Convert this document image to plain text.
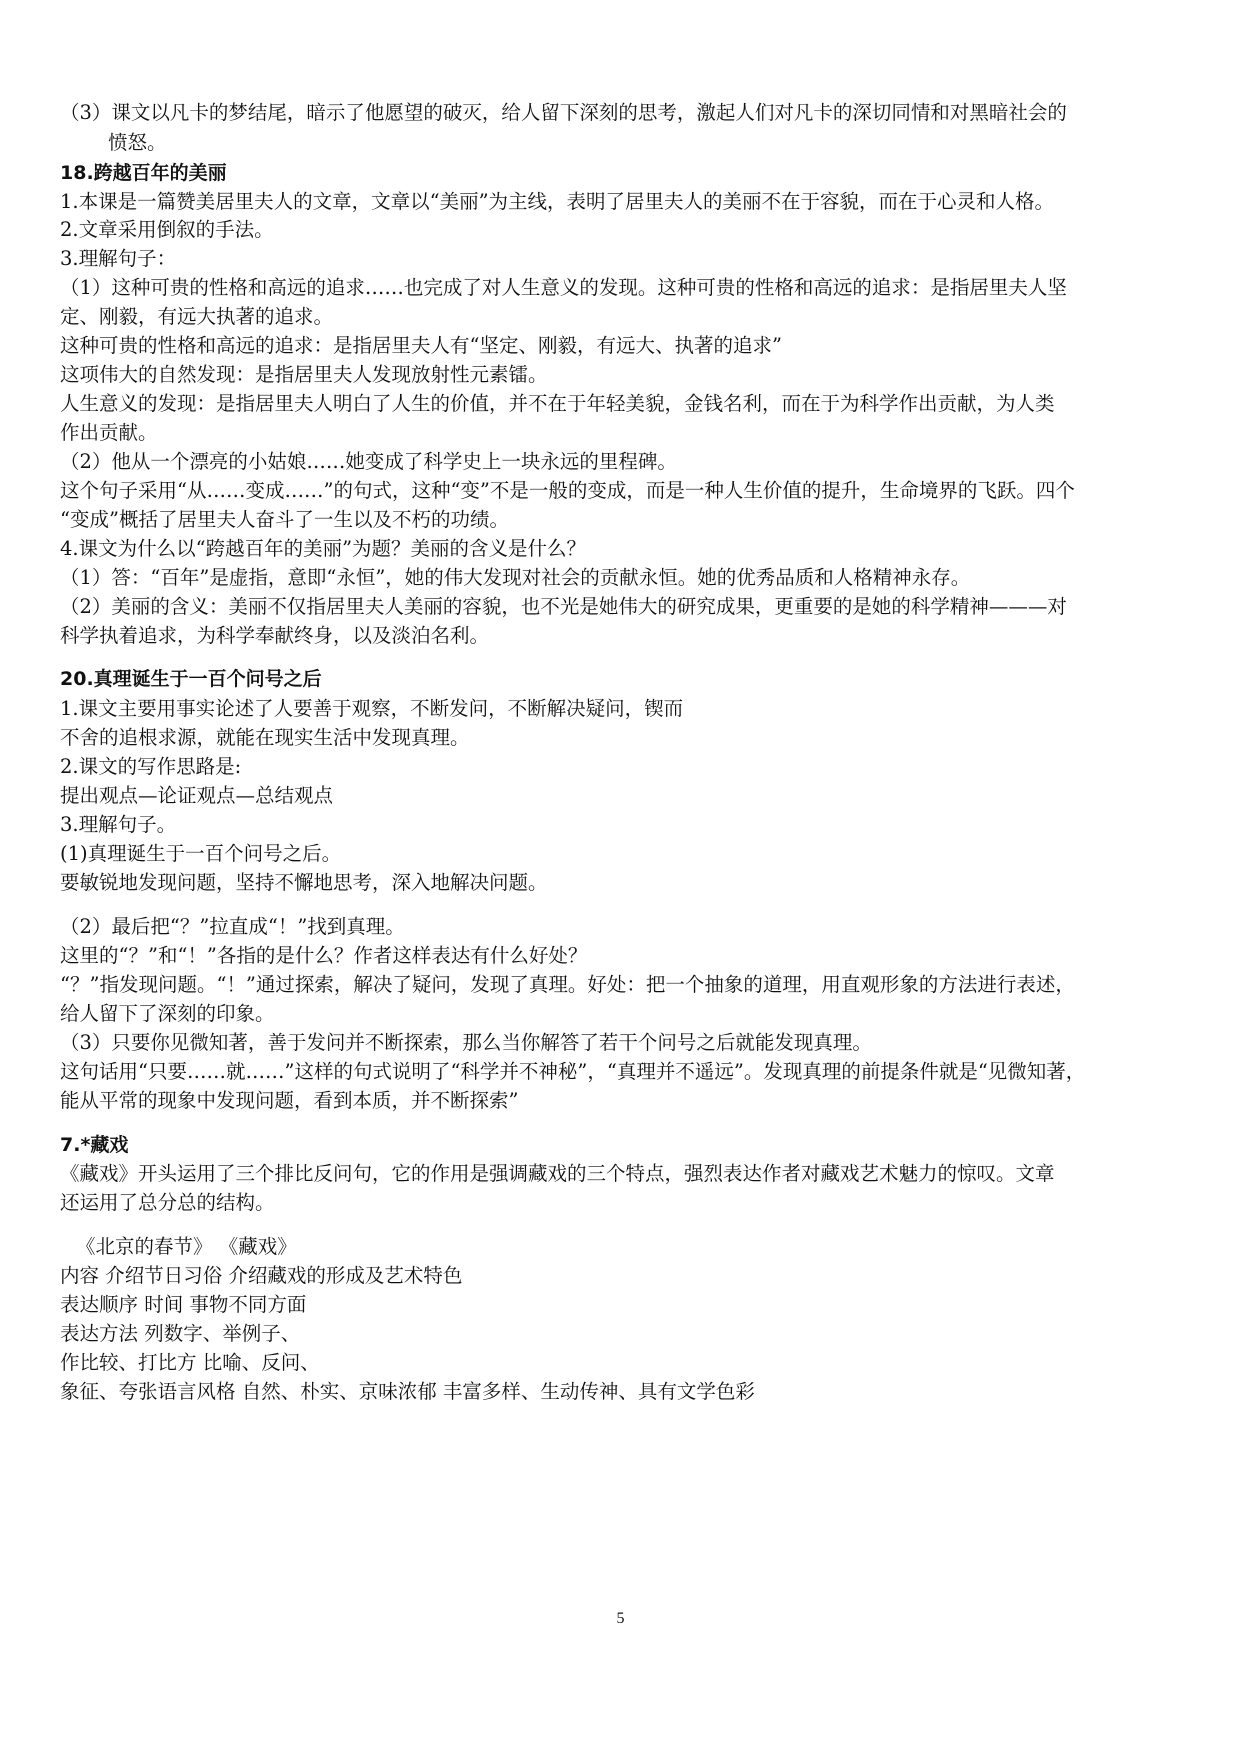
（3）课文以凡卡的梦结尾，暗示了他愿望的破灭，给人留下深刻的思考，激起人们对凡卡的深切同情和对黑暗社会的
愤怒。
18.跨越百年的美丽
1.本课是一篇赞美居里夫人的文章，文章以“美丽”为主线，表明了居里夫人的美丽不在于容貌，而在于心灵和人格。
2.文章采用倒叙的手法。
3.理解句子：
（1）这种可贵的性格和高远的追求……也完成了对人生意义的发现。这种可贵的性格和高远的追求：是指居里夫人坚
定、刚毅，有远大执著的追求。
这种可贵的性格和高远的追求：是指居里夫人有“坚定、刚毅，有远大、执著的追求”
这项伟大的自然发现：是指居里夫人发现放射性元素镭。
人生意义的发现：是指居里夫人明白了人生的价值，并不在于年轻美貌，金钱名利，而在于为科学作出贡献，为人类
作出贡献。
（2）他从一个漂亮的小姑娘……她变成了科学史上一块永远的里程碑。
这个句子采用“从……变成……”的句式，这种“变”不是一般的变成，而是一种人生价值的提升，生命境界的飞跃。四个
“变成”概括了居里夫人奋斗了一生以及不朽的功绩。
4.课文为什么以“跨越百年的美丽”为题？美丽的含义是什么？
（1）答：“百年”是虚指，意即“永恒”，她的伟大发现对社会的贡献永恒。她的优秀品质和人格精神永存。
（2）美丽的含义：美丽不仅指居里夫人美丽的容貌，也不光是她伟大的研究成果，更重要的是她的科学精神———对
科学执着追求，为科学奉献终身，以及淡泊名利。
20.真理诞生于一百个问号之后
1.课文主要用事实论述了人要善于观察，不断发问，不断解决疑问，锲而
不舍的追根求源，就能在现实生活中发现真理。
2.课文的写作思路是:
提出观点—论证观点—总结观点
3.理解句子。
(1)真理诞生于一百个问号之后。
要敏锐地发现问题，坚持不懈地思考，深入地解决问题。
（2）最后把“？”拉直成“！”找到真理。
这里的“？”和“！”各指的是什么？作者这样表达有什么好处？
“？”指发现问题。“！”通过探索，解决了疑问，发现了真理。好处：把一个抽象的道理，用直观形象的方法进行表述，
给人留下了深刻的印象。
（3）只要你见微知著，善于发问并不断探索，那么当你解答了若干个问号之后就能发现真理。
这句话用“只要……就……”这样的句式说明了“科学并不神秘”，“真理并不遥远”。发现真理的前提条件就是“见微知著，
能从平常的现象中发现问题，看到本质，并不断探索”
7.*藏戏
《藏戏》开头运用了三个排比反问句，它的作用是强调藏戏的三个特点，强烈表达作者对藏戏艺术魅力的惊叹。文章
还运用了总分总的结构。
《北京的春节》 《藏戏》
内容 介绍节日习俗 介绍藏戏的形成及艺术特色
表达顺序 时间 事物不同方面
表达方法 列数字、举例子、
作比较、打比方 比喻、反问、
象征、夸张语言风格 自然、朴实、京味浓郁 丰富多样、生动传神、具有文学色彩
5
